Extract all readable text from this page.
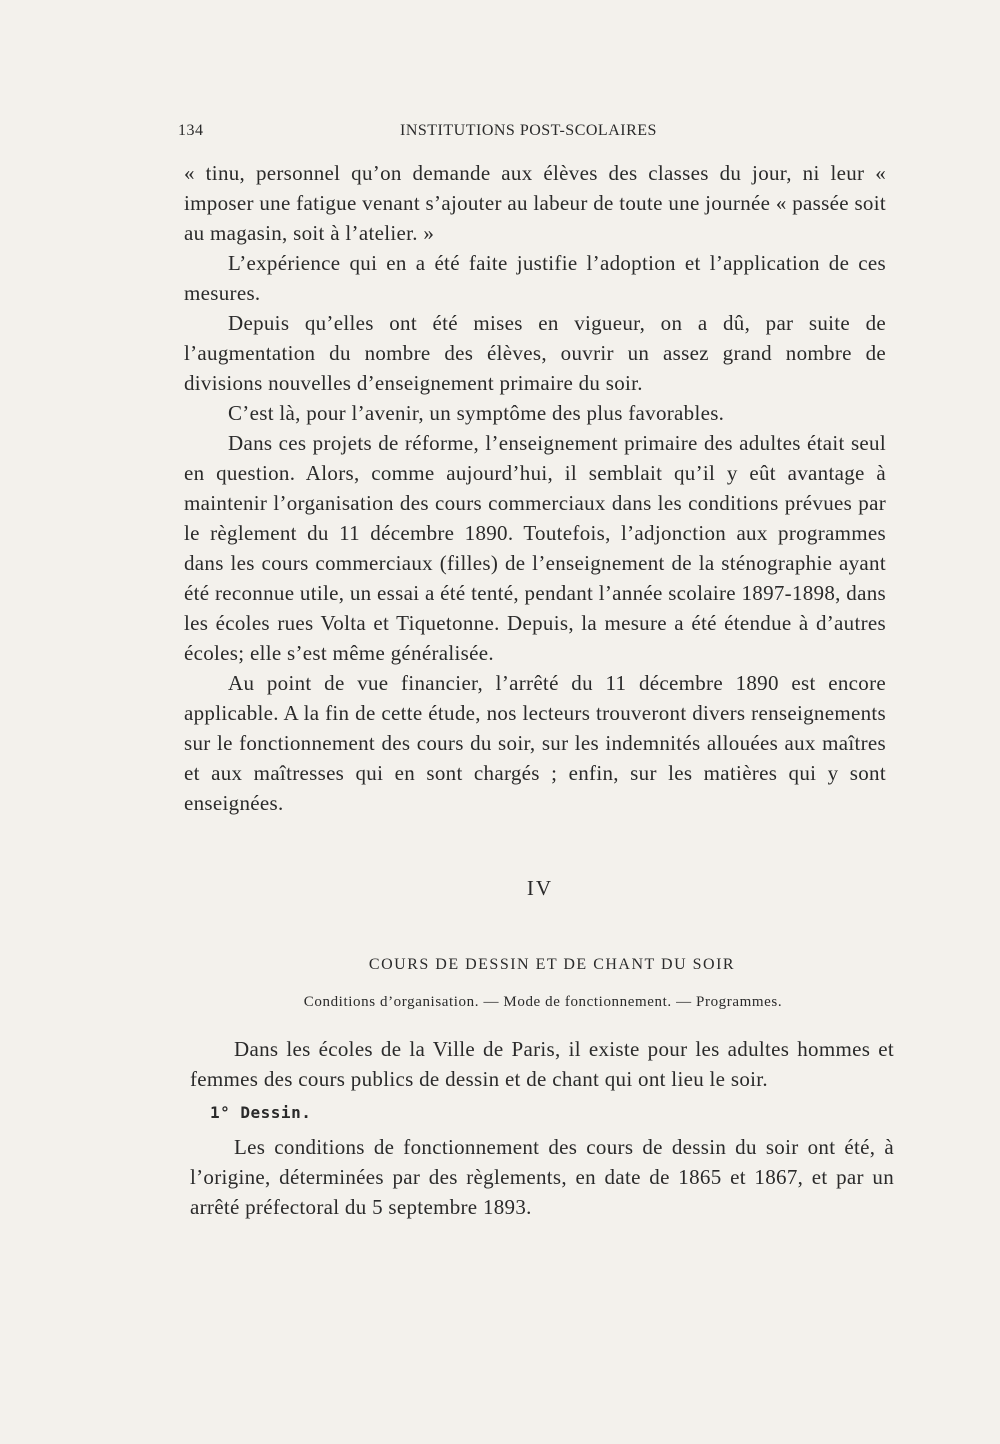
134	INSTITUTIONS POST-SCOLAIRES

« tinu, personnel qu’on demande aux élèves des classes du jour, ni leur « imposer une fatigue venant s’ajouter au labeur de toute une journée « passée soit au magasin, soit à l’atelier. »

L’expérience qui en a été faite justifie l’adoption et l’application de ces mesures.

Depuis qu’elles ont été mises en vigueur, on a dû, par suite de l’augmentation du nombre des élèves, ouvrir un assez grand nombre de divisions nouvelles d’enseignement primaire du soir.

C’est là, pour l’avenir, un symptôme des plus favorables.

Dans ces projets de réforme, l’enseignement primaire des adultes était seul en question. Alors, comme aujourd’hui, il semblait qu’il y eût avantage à maintenir l’organisation des cours commerciaux dans les conditions prévues par le règlement du 11 décembre 1890. Toutefois, l’adjonction aux programmes dans les cours commerciaux (filles) de l’enseignement de la sténographie ayant été reconnue utile, un essai a été tenté, pendant l’année scolaire 1897-1898, dans les écoles rues Volta et Tiquetonne. Depuis, la mesure a été étendue à d’autres écoles; elle s’est même généralisée.

Au point de vue financier, l’arrêté du 11 décembre 1890 est encore applicable. A la fin de cette étude, nos lecteurs trouveront divers renseignements sur le fonctionnement des cours du soir, sur les indemnités allouées aux maîtres et aux maîtresses qui en sont chargés ; enfin, sur les matières qui y sont enseignées.

IV
COURS DE DESSIN ET DE CHANT DU SOIR
Conditions d’organisation. — Mode de fonctionnement. — Programmes.

Dans les écoles de la Ville de Paris, il existe pour les adultes hommes et femmes des cours publics de dessin et de chant qui ont lieu le soir.

1° Dessin.

Les conditions de fonctionnement des cours de dessin du soir ont été, à l’origine, déterminées par des règlements, en date de 1865 et 1867, et par un arrêté préfectoral du 5 septembre 1893.
